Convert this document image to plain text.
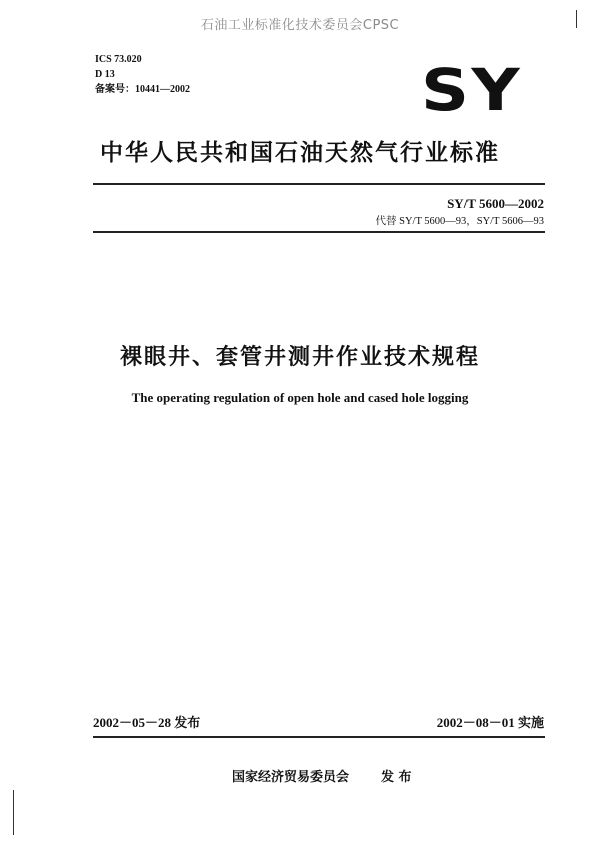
石油工业标准化技术委员会CPSC
ICS 73.020
D 13
备案号：10441—2002	SY
中华人民共和国石油天然气行业标准
SY/T 5600—2002
代替 SY/T 5600—93，SY/T 5606—93
裸眼井、套管井测井作业技术规程
The operating regulation of open hole and cased hole logging
2002－05－28 发布	2002－08－01 实施
国家经济贸易委员会 发 布
